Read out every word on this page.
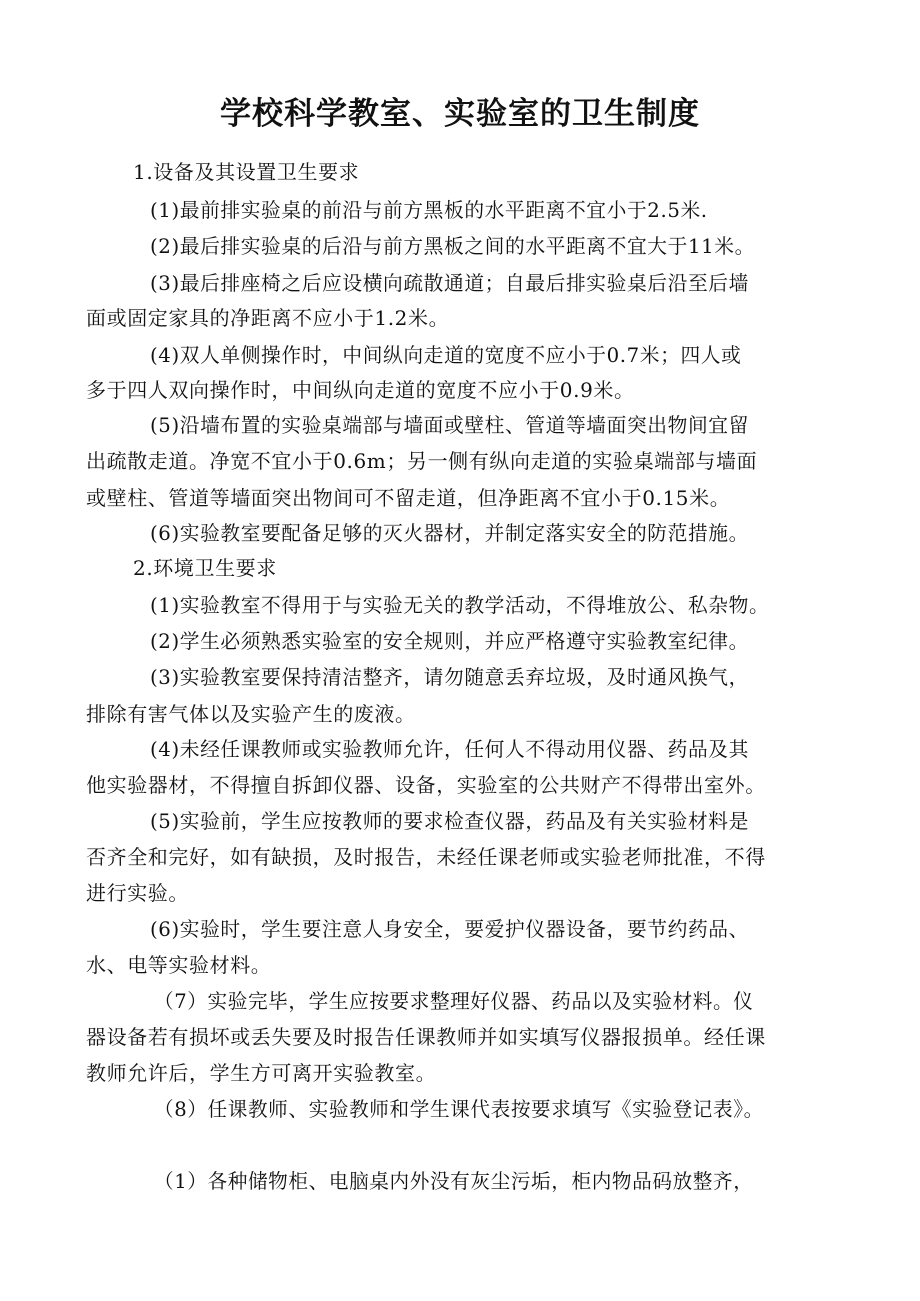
学校科学教室、实验室的卫生制度
1.设备及其设置卫生要求
(1)最前排实验桌的前沿与前方黑板的水平距离不宜小于2.5米.
(2)最后排实验桌的后沿与前方黑板之间的水平距离不宜大于11米。
(3)最后排座椅之后应设横向疏散通道；自最后排实验桌后沿至后墙
面或固定家具的净距离不应小于1.2米。
(4)双人单侧操作时，中间纵向走道的宽度不应小于0.7米；四人或
多于四人双向操作时，中间纵向走道的宽度不应小于0.9米。
(5)沿墙布置的实验桌端部与墙面或壁柱、管道等墙面突出物间宜留
出疏散走道。净宽不宜小于0.6m；另一侧有纵向走道的实验桌端部与墙面
或壁柱、管道等墙面突出物间可不留走道，但净距离不宜小于0.15米。
(6)实验教室要配备足够的灭火器材，并制定落实安全的防范措施。
2.环境卫生要求
(1)实验教室不得用于与实验无关的教学活动，不得堆放公、私杂物。
(2)学生必须熟悉实验室的安全规则，并应严格遵守实验教室纪律。
(3)实验教室要保持清洁整齐，请勿随意丢弃垃圾，及时通风换气，
排除有害气体以及实验产生的废液。
(4)未经任课教师或实验教师允许，任何人不得动用仪器、药品及其
他实验器材，不得擅自拆卸仪器、设备，实验室的公共财产不得带出室外。
(5)实验前，学生应按教师的要求检查仪器，药品及有关实验材料是
否齐全和完好，如有缺损，及时报告，未经任课老师或实验老师批准，不得
进行实验。
(6)实验时，学生要注意人身安全，要爱护仪器设备，要节约药品、
水、电等实验材料。
（7）实验完毕，学生应按要求整理好仪器、药品以及实验材料。仪
器设备若有损坏或丢失要及时报告任课教师并如实填写仪器报损单。经任课
教师允许后，学生方可离开实验教室。
（8）任课教师、实验教师和学生课代表按要求填写《实验登记表》。
（1）各种储物柜、电脑桌内外没有灰尘污垢，柜内物品码放整齐，
